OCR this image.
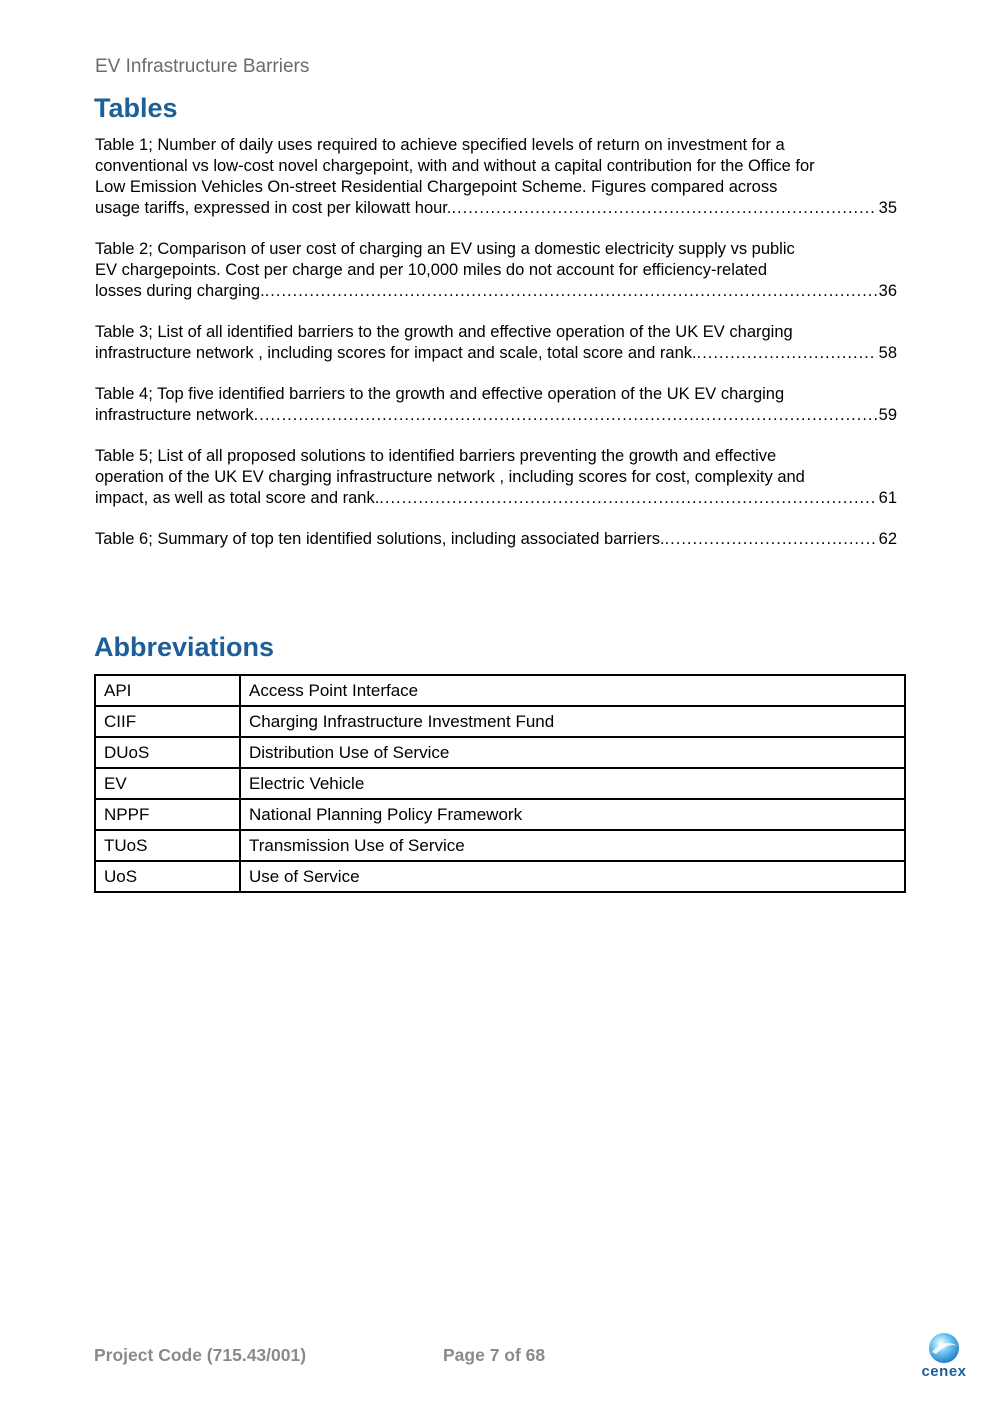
EV Infrastructure Barriers
Tables
Table 1; Number of daily uses required to achieve specified levels of return on investment for a
conventional vs low-cost novel chargepoint, with and without a capital contribution for the Office for
Low Emission Vehicles On-street Residential Chargepoint Scheme. Figures compared across
usage tariffs, expressed in cost per kilowatt hour. .....	35
Table 2; Comparison of user cost of charging an EV using a domestic electricity supply vs public
EV chargepoints. Cost per charge and per 10,000 miles do not account for efficiency-related
losses during charging. .....	36
Table 3; List of all identified barriers to the growth and effective operation of the UK EV charging
infrastructure network , including scores for impact and scale, total score and rank. .....	58
Table 4; Top five identified barriers to the growth and effective operation of the UK EV charging
infrastructure network .....	59
Table 5; List of all proposed solutions to identified barriers preventing the growth and effective
operation of the UK EV charging infrastructure network , including scores for cost, complexity and
impact, as well as total score and rank. .....	61
Table 6; Summary of top ten identified solutions, including associated barriers. .....	62
Abbreviations
API	Access Point Interface
CIIF	Charging Infrastructure Investment Fund
DUoS	Distribution Use of Service
EV	Electric Vehicle
NPPF	National Planning Policy Framework
TUoS	Transmission Use of Service
UoS	Use of Service
Project Code (715.43/001)	Page 7 of 68
cenex
